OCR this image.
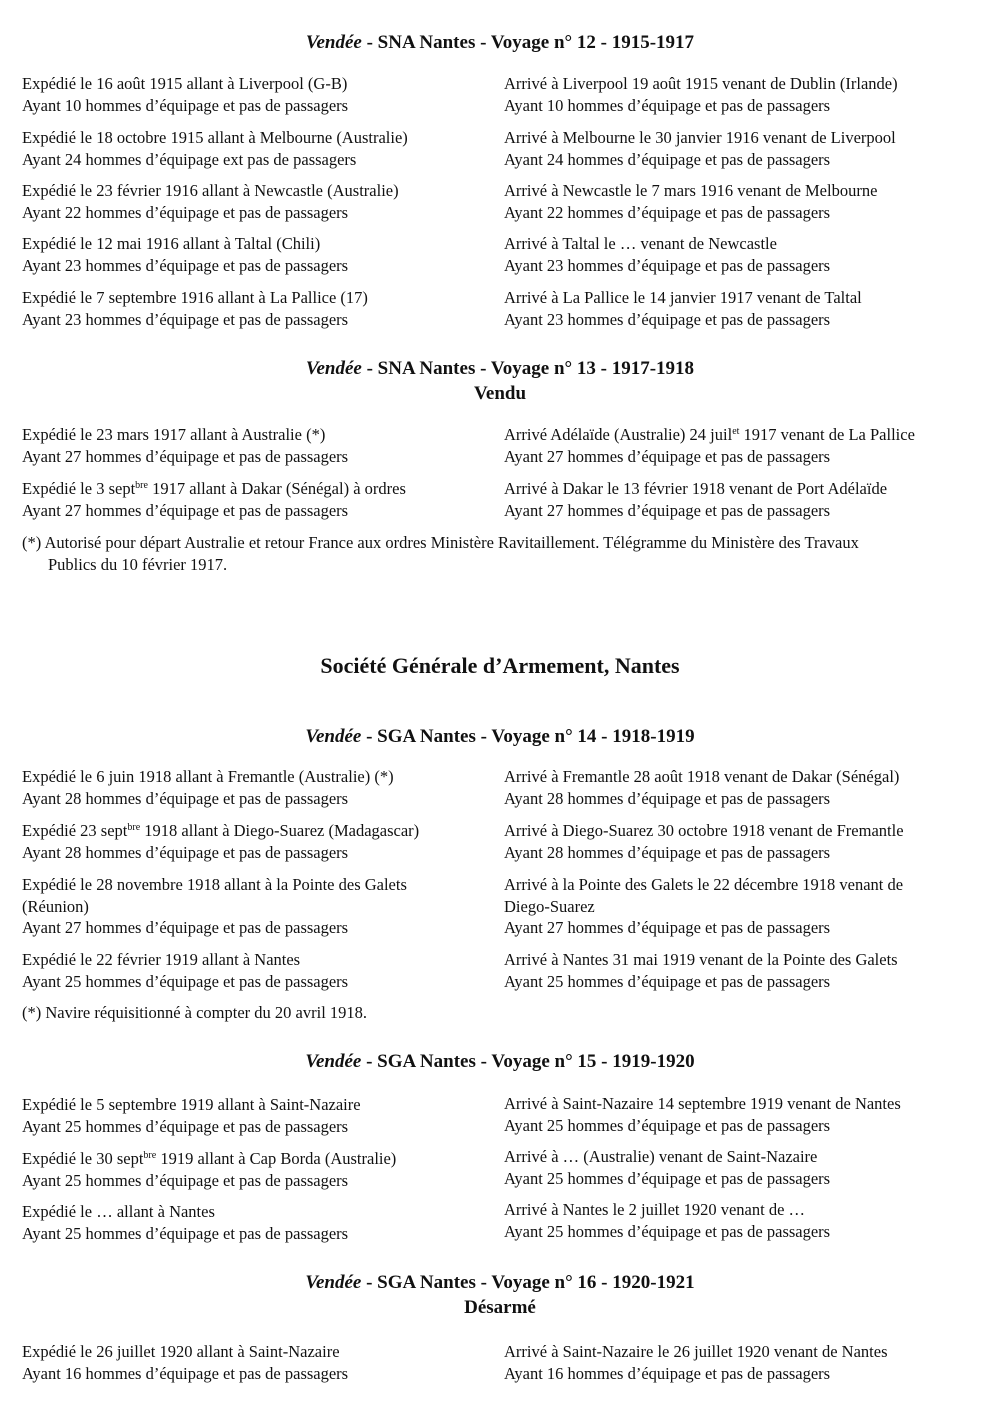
Vendée - SNA Nantes - Voyage n° 12 - 1915-1917
Expédié le 16 août 1915 allant à Liverpool (G-B)
Ayant 10 hommes d’équipage et pas de passagers
Arrivé à Liverpool 19 août 1915 venant de Dublin (Irlande)
Ayant 10 hommes d’équipage et pas de passagers
Expédié le 18 octobre 1915 allant à Melbourne (Australie)
Ayant 24 hommes d’équipage ext pas de passagers
Arrivé à Melbourne le 30 janvier 1916 venant de Liverpool
Ayant 24 hommes d’équipage et pas de passagers
Expédié le 23 février 1916 allant à Newcastle (Australie)
Ayant 22 hommes d’équipage et pas de passagers
Arrivé à Newcastle le 7 mars 1916 venant de Melbourne
Ayant 22 hommes d’équipage et pas de passagers
Expédié le 12 mai 1916 allant à Taltal (Chili)
Ayant 23 hommes d’équipage et pas de passagers
Arrivé à Taltal le … venant de Newcastle
Ayant 23 hommes d’équipage et pas de passagers
Expédié le 7 septembre 1916 allant à La Pallice (17)
Ayant 23 hommes d’équipage et pas de passagers
Arrivé à La Pallice le 14 janvier 1917 venant de Taltal
Ayant 23 hommes d’équipage et pas de passagers
Vendée - SNA Nantes - Voyage n° 13 - 1917-1918
Vendu
Expédié le 23 mars 1917 allant à Australie (*)
Ayant 27 hommes d’équipage et pas de passagers
Arrivé Adélaïde (Australie) 24 juil$^{et}$ 1917 venant de La Pallice
Ayant 27 hommes d’équipage et pas de passagers
Expédié le 3 sept$^{bre}$ 1917 allant à Dakar (Sénégal) à ordres
Ayant 27 hommes d’équipage et pas de passagers
Arrivé à Dakar le 13 février 1918 venant de Port Adélaïde
Ayant 27 hommes d’équipage et pas de passagers
(*) Autorisé pour départ Australie et retour France aux ordres Ministère Ravitaillement. Télégramme du Ministère des Travaux
Publics du 10 février 1917.
Société Générale d’Armement, Nantes
Vendée - SGA Nantes - Voyage n° 14 - 1918-1919
Expédié le 6 juin 1918 allant à Fremantle (Australie) (*)
Ayant 28 hommes d’équipage et pas de passagers
Arrivé à Fremantle 28 août 1918 venant de Dakar (Sénégal)
Ayant 28 hommes d’équipage et pas de passagers
Expédié 23 sept$^{bre}$ 1918 allant à Diego-Suarez (Madagascar)
Ayant 28 hommes d’équipage et pas de passagers
Arrivé à Diego-Suarez 30 octobre 1918 venant de Fremantle
Ayant 28 hommes d’équipage et pas de passagers
Expédié le 28 novembre 1918 allant à la Pointe des Galets
(Réunion)
Ayant 27 hommes d’équipage et pas de passagers
Arrivé à la Pointe des Galets le 22 décembre 1918 venant de
Diego-Suarez
Ayant 27 hommes d’équipage et pas de passagers
Expédié le 22 février 1919 allant à Nantes
Ayant 25 hommes d’équipage et pas de passagers
Arrivé à Nantes 31 mai 1919 venant de la Pointe des Galets
Ayant 25 hommes d’équipage et pas de passagers
(*) Navire réquisitionné à compter du 20 avril 1918.
Vendée - SGA Nantes - Voyage n° 15 - 1919-1920
Expédié le 5 septembre 1919 allant à Saint-Nazaire
Ayant 25 hommes d’équipage et pas de passagers
Arrivé à Saint-Nazaire 14 septembre 1919 venant de Nantes
Ayant 25 hommes d’équipage et pas de passagers
Expédié le 30 sept$^{bre}$ 1919 allant à Cap Borda (Australie)
Ayant 25 hommes d’équipage et pas de passagers
Arrivé à … (Australie) venant de Saint-Nazaire
Ayant 25 hommes d’équipage et pas de passagers
Expédié le … allant à Nantes
Ayant 25 hommes d’équipage et pas de passagers
Arrivé à Nantes le 2 juillet 1920 venant de …
Ayant 25 hommes d’équipage et pas de passagers
Vendée - SGA Nantes - Voyage n° 16 - 1920-1921
Désarmé
Expédié le 26 juillet 1920 allant à Saint-Nazaire
Ayant 16 hommes d’équipage et pas de passagers
Arrivé à Saint-Nazaire le 26 juillet 1920 venant de Nantes
Ayant 16 hommes d’équipage et pas de passagers
